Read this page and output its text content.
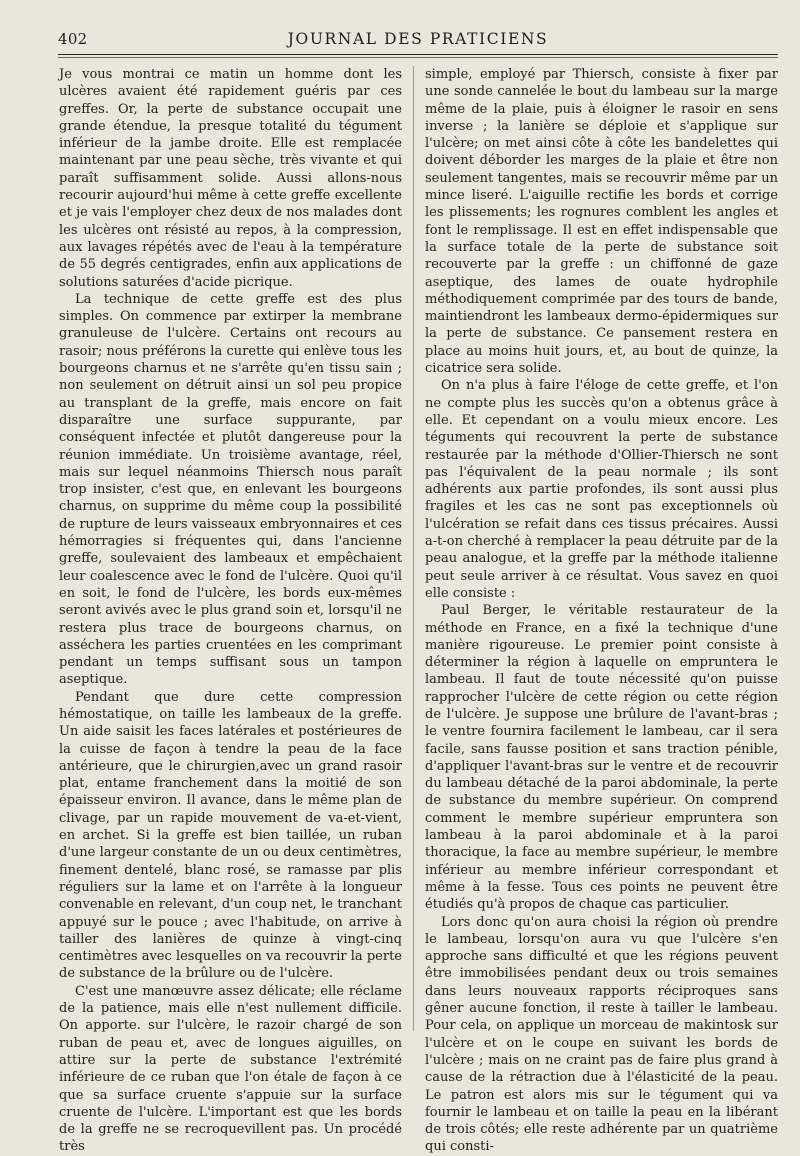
402	JOURNAL DES PRATICIENS

Je vous montrai ce matin un homme dont les ulcères avaient été rapidement guéris par ces greffes. Or, la perte de substance occupait une grande étendue, la presque totalité du tégument inférieur de la jambe droite. Elle est remplacée maintenant par une peau sèche, très vivante et qui paraît suffisamment solide. Aussi allons-nous recourir aujourd'hui même à cette greffe excellente et je vais l'employer chez deux de nos malades dont les ulcères ont résisté au repos, à la compression, aux lavages répétés avec de l'eau à la température de 55 degrés centigrades, enfin aux applications de solutions saturées d'acide picrique.

La technique de cette greffe est des plus simples. On commence par extirper la membrane granuleuse de l'ulcère. Certains ont recours au rasoir; nous préférons la curette qui enlève tous les bourgeons charnus et ne s'arrête qu'en tissu sain ; non seulement on détruit ainsi un sol peu propice au transplant de la greffe, mais encore on fait disparaître une surface suppurante, par conséquent infectée et plutôt dangereuse pour la réunion immédiate. Un troisième avantage, réel, mais sur lequel néanmoins Thiersch nous paraît trop insister, c'est que, en enlevant les bourgeons charnus, on supprime du même coup la possibilité de rupture de leurs vaisseaux embryonnaires et ces hémorragies si fréquentes qui, dans l'ancienne greffe, soulevaient des lambeaux et empêchaient leur coalescence avec le fond de l'ulcère. Quoi qu'il en soit, le fond de l'ulcère, les bords eux-mêmes seront avivés avec le plus grand soin et, lorsqu'il ne restera plus trace de bourgeons charnus, on asséchera les parties cruentées en les comprimant pendant un temps suffisant sous un tampon aseptique.

Pendant que dure cette compression hémostatique, on taille les lambeaux de la greffe. Un aide saisit les faces latérales et postérieures de la cuisse de façon à tendre la peau de la face antérieure, que le chirurgien,avec un grand rasoir plat, entame franchement dans la moitié de son épaisseur environ. Il avance, dans le même plan de clivage, par un rapide mouvement de va-et-vient, en archet. Si la greffe est bien taillée, un ruban d'une largeur constante de un ou deux centimètres, finement dentelé, blanc rosé, se ramasse par plis réguliers sur la lame et on l'arrête à la longueur convenable en relevant, d'un coup net, le tranchant appuyé sur le pouce ; avec l'habitude, on arrive à tailler des lanières de quinze à vingt-cinq centimètres avec lesquelles on va recouvrir la perte de substance de la brûlure ou de l'ulcère.

C'est une manœuvre assez délicate; elle réclame de la patience, mais elle n'est nullement difficile. On apporte. sur l'ulcère, le razoir chargé de son ruban de peau et, avec de longues aiguilles, on attire sur la perte de substance l'extrémité inférieure de ce ruban que l'on étale de façon à ce que sa surface cruente s'appuie sur la surface cruente de l'ulcère. L'important est que les bords de la greffe ne se recroquevillent pas. Un procédé très

simple, employé par Thiersch, consiste à fixer par une sonde cannelée le bout du lambeau sur la marge même de la plaie, puis à éloigner le rasoir en sens inverse ; la lanière se déploie et s'applique sur l'ulcère; on met ainsi côte à côte les bandelettes qui doivent déborder les marges de la plaie et être non seulement tangentes, mais se recouvrir même par un mince liseré. L'aiguille rectifie les bords et corrige les plissements; les rognures comblent les angles et font le remplissage. Il est en effet indispensable que la surface totale de la perte de substance soit recouverte par la greffe : un chiffonné de gaze aseptique, des lames de ouate hydrophile méthodiquement comprimée par des tours de bande, maintiendront les lambeaux dermo-épidermiques sur la perte de substance. Ce pansement restera en place au moins huit jours, et, au bout de quinze, la cicatrice sera solide.

On n'a plus à faire l'éloge de cette greffe, et l'on ne compte plus les succès qu'on a obtenus grâce à elle. Et cependant on a voulu mieux encore. Les téguments qui recouvrent la perte de substance restaurée par la méthode d'Ollier-Thiersch ne sont pas l'équivalent de la peau normale ; ils sont adhérents aux partie profondes, ils sont aussi plus fragiles et les cas ne sont pas exceptionnels où l'ulcération se refait dans ces tissus précaires. Aussi a-t-on cherché à remplacer la peau détruite par de la peau analogue, et la greffe par la méthode italienne peut seule arriver à ce résultat. Vous savez en quoi elle consiste :

Paul Berger, le véritable restaurateur de la méthode en France, en a fixé la technique d'une manière rigoureuse. Le premier point consiste à déterminer la région à laquelle on empruntera le lambeau. Il faut de toute nécessité qu'on puisse rapprocher l'ulcère de cette région ou cette région de l'ulcère. Je suppose une brûlure de l'avant-bras ; le ventre fournira facilement le lambeau, car il sera facile, sans fausse position et sans traction pénible, d'appliquer l'avant-bras sur le ventre et de recouvrir du lambeau détaché de la paroi abdominale, la perte de substance du membre supérieur. On comprend comment le membre supérieur empruntera son lambeau à la paroi abdominale et à la paroi thoracique, la face au membre supérieur, le membre inférieur au membre inférieur correspondant et même à la fesse. Tous ces points ne peuvent être étudiés qu'à propos de chaque cas particulier.

Lors donc qu'on aura choisi la région où prendre le lambeau, lorsqu'on aura vu que l'ulcère s'en approche sans difficulté et que les régions peuvent être immobilisées pendant deux ou trois semaines dans leurs nouveaux rapports réciproques sans gêner aucune fonction, il reste à tailler le lambeau. Pour cela, on applique un morceau de makintosk sur l'ulcère et on le coupe en suivant les bords de l'ulcère ; mais on ne craint pas de faire plus grand à cause de la rétraction due à l'élasticité de la peau. Le patron est alors mis sur le tégument qui va fournir le lambeau et on taille la peau en la libérant de trois côtés; elle reste adhérente par un quatrième qui consti-
